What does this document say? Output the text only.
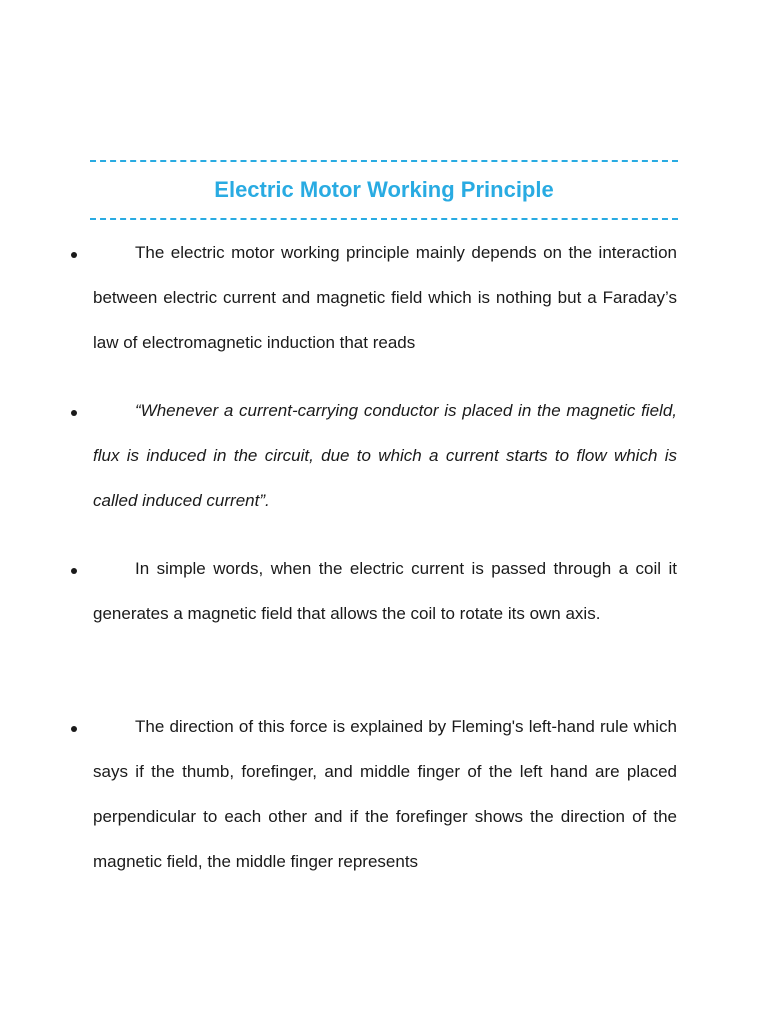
Electric Motor Working Principle

The electric motor working principle mainly depends on the interaction between electric current and magnetic field which is nothing but a Faraday’s law of electromagnetic induction that reads

“Whenever a current-carrying conductor is placed in the magnetic field, flux is induced in the circuit, due to which a current starts to flow which is called induced current”.

In simple words, when the electric current is passed through a coil it generates a magnetic field that allows the coil to rotate its own axis.

The direction of this force is explained by Fleming's left-hand rule which says if the thumb, forefinger, and middle finger of the left hand are placed perpendicular to each other and if the forefinger shows the direction of the magnetic field, the middle finger represents
